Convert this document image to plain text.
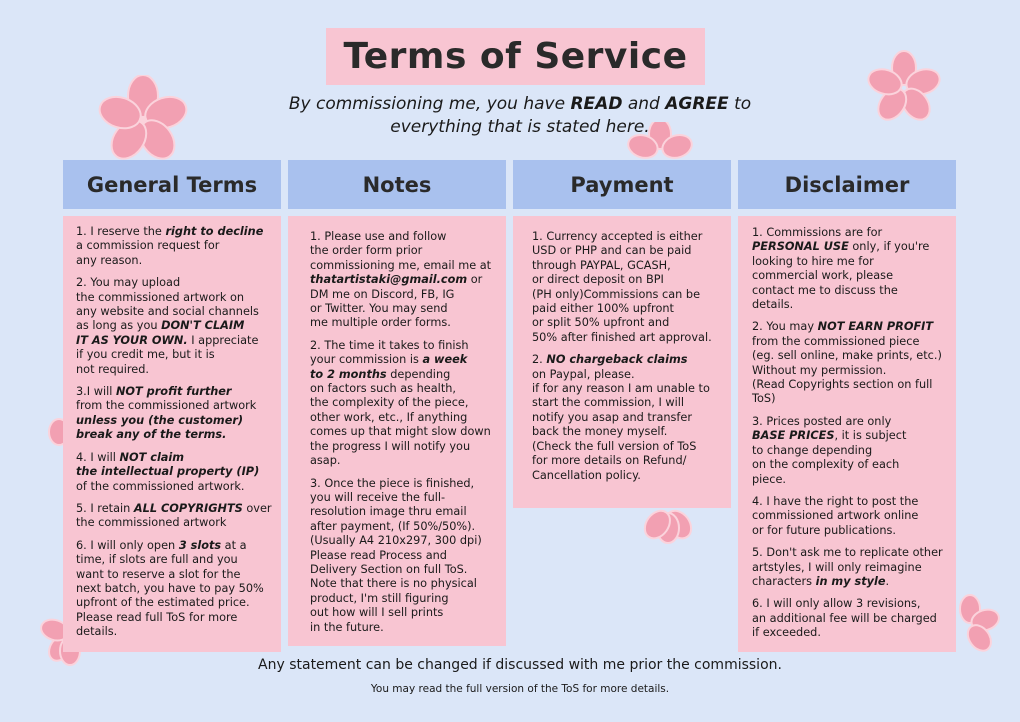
Terms of Service
By commissioning me, you have READ and AGREE to
everything that is stated here.
General Terms	Notes	Payment	Disclaimer

1. I reserve the right to decline
a commission request for
any reason.

2. You may upload
the commissioned artwork on
any website and social channels
as long as you DON'T CLAIM
IT AS YOUR OWN. I appreciate
if you credit me, but it is
not required.

3.I will NOT profit further
from the commissioned artwork
unless you (the customer)
break any of the terms.

4. I will NOT claim
the intellectual property (IP)
of the commissioned artwork.

5. I retain ALL COPYRIGHTS over
the commissioned artwork

6. I will only open 3 slots at a
time, if slots are full and you
want to reserve a slot for the
next batch, you have to pay 50%
upfront of the estimated price.
Please read full ToS for more
details.

1. Please use and follow
the order form prior
commissioning me, email me at
thatartistaki@gmail.com or
DM me on Discord, FB, IG
or Twitter. You may send
me multiple order forms.

2. The time it takes to finish
your commission is a week
to 2 months depending
on factors such as health,
the complexity of the piece,
other work, etc., If anything
comes up that might slow down
the progress I will notify you
asap.

3. Once the piece is finished,
you will receive the full-
resolution image thru email
after payment, (If 50%/50%).
(Usually A4 210x297, 300 dpi)
Please read Process and
Delivery Section on full ToS.
Note that there is no physical
product, I'm still figuring
out how will I sell prints
in the future.

1. Currency accepted is either
USD or PHP and can be paid
through PAYPAL, GCASH,
or direct deposit on BPI
(PH only)Commissions can be
paid either 100% upfront
or split 50% upfront and
50% after finished art approval.

2. NO chargeback claims
on Paypal, please.
if for any reason I am unable to
start the commission, I will
notify you asap and transfer
back the money myself.
(Check the full version of ToS
for more details on Refund/
Cancellation policy.

1. Commissions are for
PERSONAL USE only, if you're
looking to hire me for
commercial work, please
contact me to discuss the
details.

2. You may NOT EARN PROFIT
from the commissioned piece
(eg. sell online, make prints, etc.)
Without my permission.
(Read Copyrights section on full
ToS)

3. Prices posted are only
BASE PRICES, it is subject
to change depending
on the complexity of each
piece.

4. I have the right to post the
commissioned artwork online
or for future publications.

5. Don't ask me to replicate other
artstyles, I will only reimagine
characters in my style.

6. I will only allow 3 revisions,
an additional fee will be charged
if exceeded.

Any statement can be changed if discussed with me prior the commission.
You may read the full version of the ToS for more details.
